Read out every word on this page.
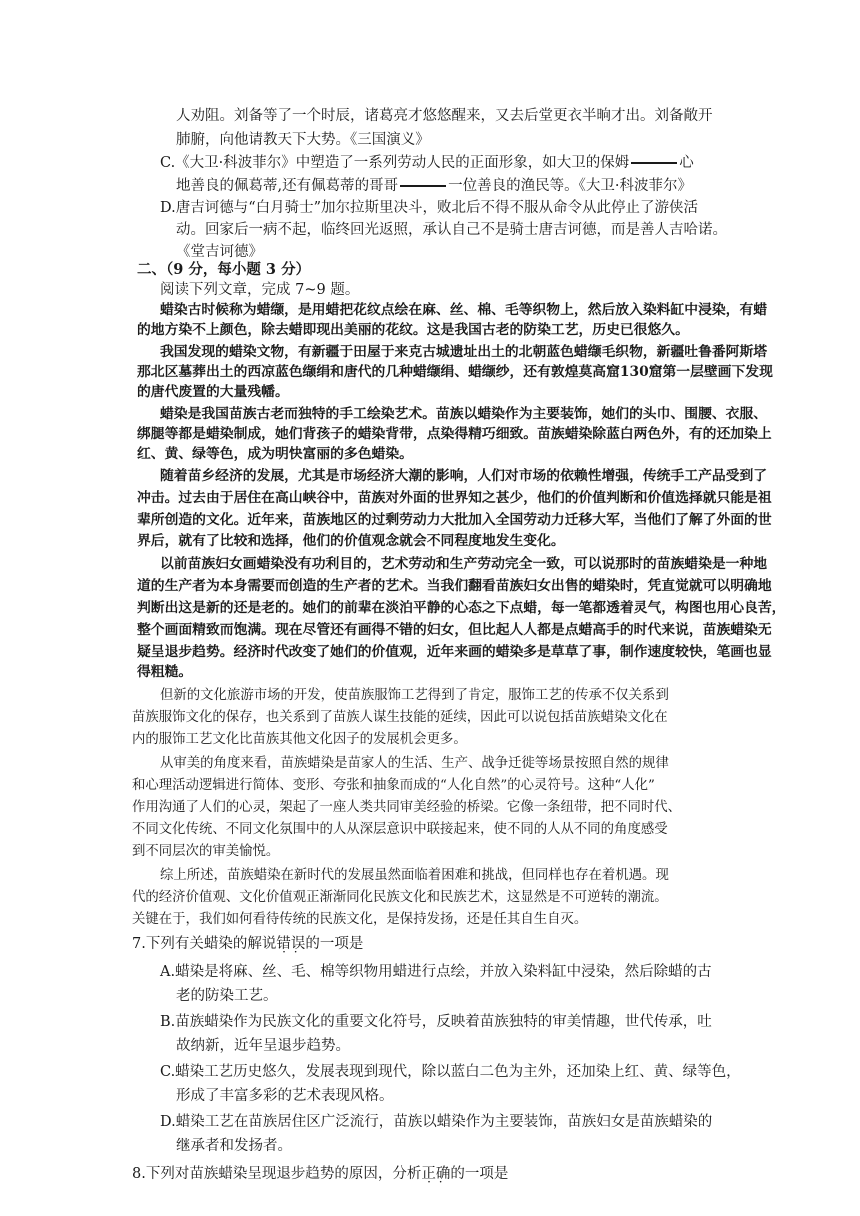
人劝阻。刘备等了一个时辰，诸葛亮才悠悠醒来，又去后堂更衣半晌才出。刘备敞开
肺腑，向他请教天下大势。《三国演义》
C.《大卫·科波菲尔》中塑造了一系列劳动人民的正面形象，如大卫的保姆	心
地善良的佩葛蒂,还有佩葛蒂的哥哥	一位善良的渔民等。《大卫·科波菲尔》
D.唐吉诃德与“白月骑士”加尔拉斯里决斗，败北后不得不服从命令从此停止了游侠活
动。回家后一病不起，临终回光返照，承认自己不是骑士唐吉诃德，而是善人吉哈诺。
《堂吉诃德》
二、（9 分，每小题 3 分）
阅读下列文章，完成 7~9 题。
蜡染古时候称为蜡缬，是用蜡把花纹点绘在麻、丝、棉、毛等织物上，然后放入染料缸中浸染，有蜡
的地方染不上颜色，除去蜡即现出美丽的花纹。这是我国古老的防染工艺，历史已很悠久。
我国发现的蜡染文物，有新疆于田屋于来克古城遗址出土的北朝蓝色蜡缬毛织物，新疆吐鲁番阿斯塔
那北区墓葬出土的西凉蓝色缬绢和唐代的几种蜡缬绢、蜡缬纱，还有敦煌莫高窟130窟第一层壁画下发现
的唐代废置的大量残幡。
蜡染是我国苗族古老而独特的手工绘染艺术。苗族以蜡染作为主要装饰，她们的头巾、围腰、衣服、
绑腿等都是蜡染制成，她们背孩子的蜡染背带，点染得精巧细致。苗族蜡染除蓝白两色外，有的还加染上
红、黄、绿等色，成为明快富丽的多色蜡染。
随着苗乡经济的发展，尤其是市场经济大潮的影响，人们对市场的依赖性增强，传统手工产品受到了
冲击。过去由于居住在高山峡谷中，苗族对外面的世界知之甚少，他们的价值判断和价值选择就只能是祖
辈所创造的文化。近年来，苗族地区的过剩劳动力大批加入全国劳动力迁移大军，当他们了解了外面的世
界后，就有了比较和选择，他们的价值观念就会不同程度地发生变化。
以前苗族妇女画蜡染没有功利目的，艺术劳动和生产劳动完全一致，可以说那时的苗族蜡染是一种地
道的生产者为本身需要而创造的生产者的艺术。当我们翻看苗族妇女出售的蜡染时，凭直觉就可以明确地
判断出这是新的还是老的。她们的前辈在淡泊平静的心态之下点蜡，每一笔都透着灵气，构图也用心良苦，
整个画面精致而饱满。现在尽管还有画得不错的妇女，但比起人人都是点蜡高手的时代来说，苗族蜡染无
疑呈退步趋势。经济时代改变了她们的价值观，近年来画的蜡染多是草草了事，制作速度较快，笔画也显
得粗糙。
但新的文化旅游市场的开发，使苗族服饰工艺得到了肯定，服饰工艺的传承不仅关系到
苗族服饰文化的保存，也关系到了苗族人谋生技能的延续，因此可以说包括苗族蜡染文化在
内的服饰工艺文化比苗族其他文化因子的发展机会更多。
从审美的角度来看，苗族蜡染是苗家人的生活、生产、战争迁徙等场景按照自然的规律
和心理活动逻辑进行简体、变形、夸张和抽象而成的“人化自然”的心灵符号。这种“人化”
作用沟通了人们的心灵，架起了一座人类共同审美经验的桥梁。它像一条纽带，把不同时代、
不同文化传统、不同文化氛围中的人从深层意识中联接起来，使不同的人从不同的角度感受
到不同层次的审美愉悦。
综上所述，苗族蜡染在新时代的发展虽然面临着困难和挑战，但同样也存在着机遇。现
代的经济价值观、文化价值观正渐渐同化民族文化和民族艺术，这显然是不可逆转的潮流。
关键在于，我们如何看待传统的民族文化，是保持发扬，还是任其自生自灭。
7.下列有关蜡染的解说错误 · ·的一项是
A.蜡染是将麻、丝、毛、棉等织物用蜡进行点绘，并放入染料缸中浸染，然后除蜡的古
老的防染工艺。
B.苗族蜡染作为民族文化的重要文化符号，反映着苗族独特的审美情趣，世代传承，吐
故纳新，近年呈退步趋势。
C.蜡染工艺历史悠久，发展表现到现代，除以蓝白二色为主外，还加染上红、黄、绿等色，
形成了丰富多彩的艺术表现风格。
D.蜡染工艺在苗族居住区广泛流行，苗族以蜡染作为主要装饰，苗族妇女是苗族蜡染的
继承者和发扬者。
8.下列对苗族蜡染呈现退步趋势的原因，分析正确 · ·的一项是
